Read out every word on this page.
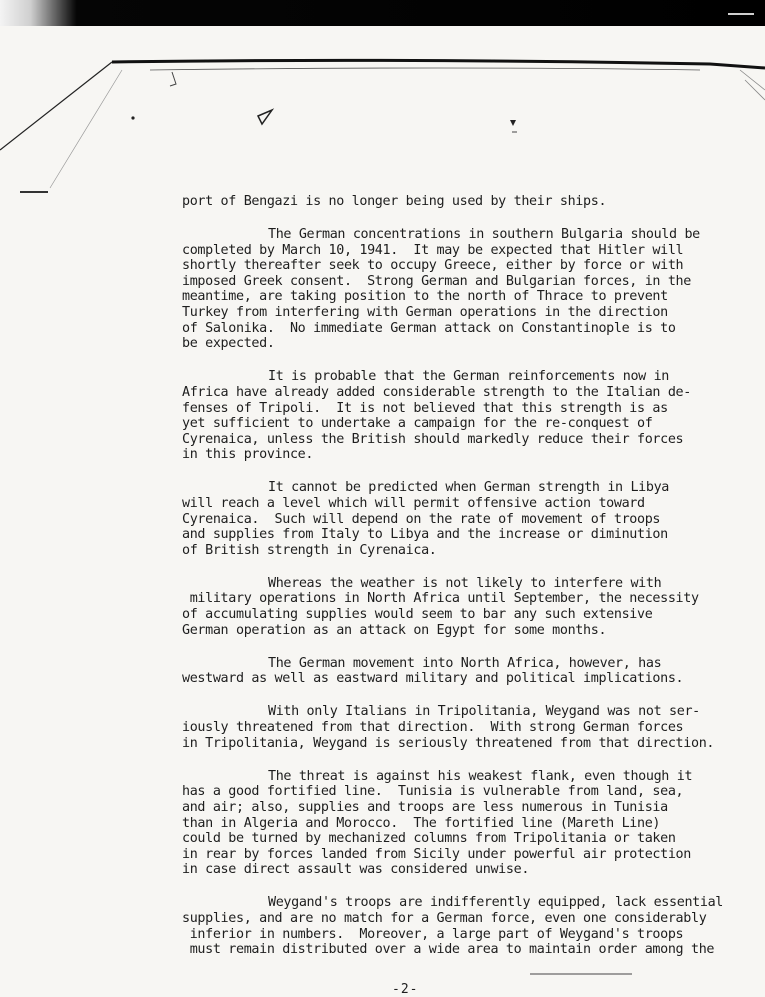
port of Bengazi is no longer being used by their ships.
The German concentrations in southern Bulgaria should be
completed by March 10, 1941.  It may be expected that Hitler will
shortly thereafter seek to occupy Greece, either by force or with
imposed Greek consent.  Strong German and Bulgarian forces, in the
meantime, are taking position to the north of Thrace to prevent
Turkey from interfering with German operations in the direction
of Salonika.  No immediate German attack on Constantinople is to
be expected.
It is probable that the German reinforcements now in
Africa have already added considerable strength to the Italian de-
fenses of Tripoli.  It is not believed that this strength is as
yet sufficient to undertake a campaign for the re-conquest of
Cyrenaica, unless the British should markedly reduce their forces
in this province.
It cannot be predicted when German strength in Libya
will reach a level which will permit offensive action toward
Cyrenaica.  Such will depend on the rate of movement of troops
and supplies from Italy to Libya and the increase or diminution
of British strength in Cyrenaica.
Whereas the weather is not likely to interfere with
military operations in North Africa until September, the necessity
of accumulating supplies would seem to bar any such extensive
German operation as an attack on Egypt for some months.
The German movement into North Africa, however, has
westward as well as eastward military and political implications.
With only Italians in Tripolitania, Weygand was not ser-
iously threatened from that direction.  With strong German forces
in Tripolitania, Weygand is seriously threatened from that direction.
The threat is against his weakest flank, even though it
has a good fortified line.  Tunisia is vulnerable from land, sea,
and air; also, supplies and troops are less numerous in Tunisia
than in Algeria and Morocco.  The fortified line (Mareth Line)
could be turned by mechanized columns from Tripolitania or taken
in rear by forces landed from Sicily under powerful air protection
in case direct assault was considered unwise.
Weygand's troops are indifferently equipped, lack essential
supplies, and are no match for a German force, even one considerably
inferior in numbers.  Moreover, a large part of Weygand's troops
must remain distributed over a wide area to maintain order among the
-2-
